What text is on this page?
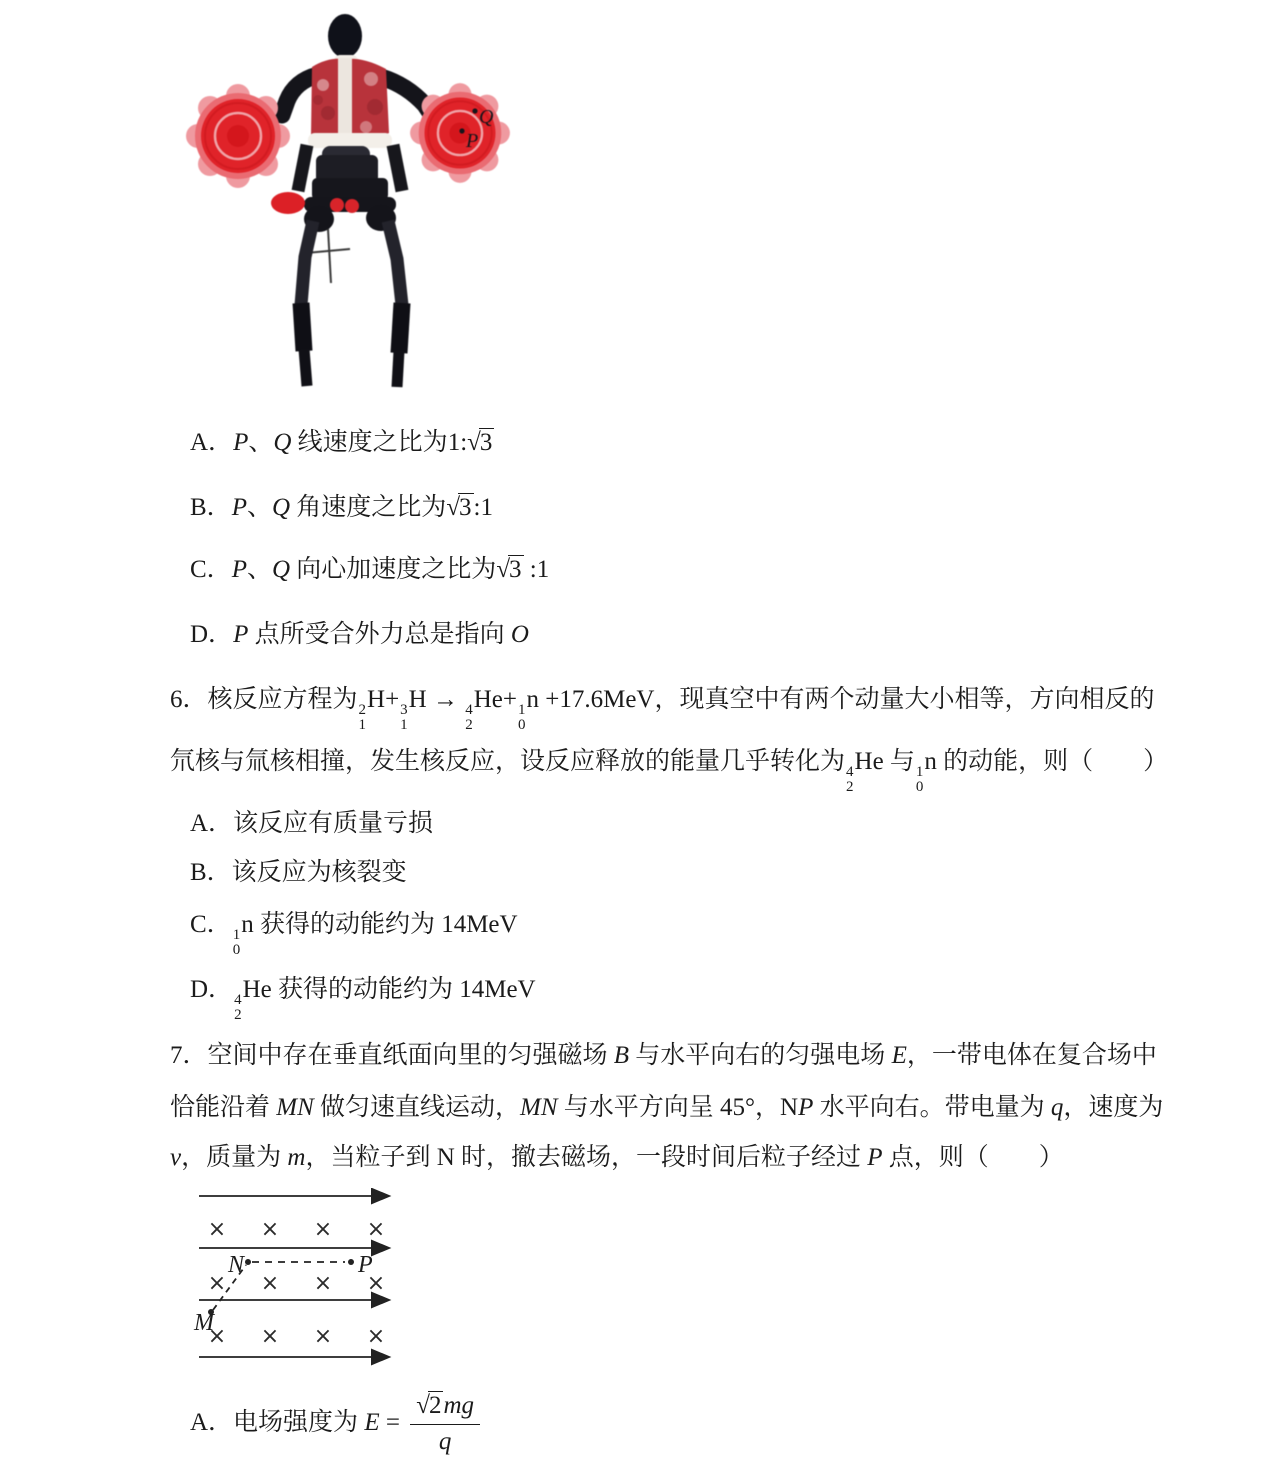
Q
P
A．P、Q 线速度之比为1:√3
B．P、Q 角速度之比为√3:1
C．P、Q 向心加速度之比为√3 :1
D．P 点所受合外力总是指向 O
6．核反应方程为 2
1
H+ 3
1
H → 4
2
He+ 1
0
n +17.6MeV，现真空中有两个动量大小相等，方向相反的
氘核与氚核相撞，发生核反应，设反应释放的能量几乎转化为 4
2
He 与 1
0
n 的动能，则（　　）
A．该反应有质量亏损
B．该反应为核裂变
C． 1
0
n 获得的动能约为 14MeV
D． 4
2
He 获得的动能约为 14MeV
7．空间中存在垂直纸面向里的匀强磁场 B 与水平向右的匀强电场 E，一带电体在复合场中
恰能沿着 MN 做匀速直线运动，MN 与水平方向呈 45°，NP 水平向右。带电量为 q，速度为
v，质量为 m，当粒子到 N 时，撤去磁场，一段时间后粒子经过 P 点，则（　　）
× × × ×
× × × ×
× × × ×
N	P
M
A．电场强度为 $E = \frac{√2mg}{q}$
